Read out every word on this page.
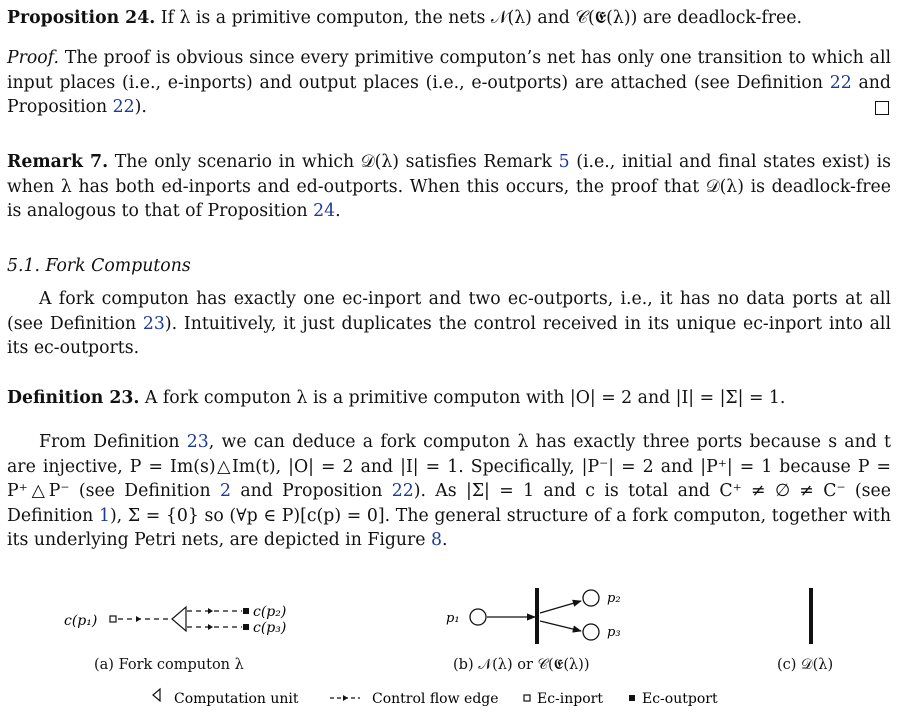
Proposition 24. If λ is a primitive computon, the nets 𝒩(λ) and 𝒞(𝕰(λ)) are deadlock-free.

Proof. The proof is obvious since every primitive computon’s net has only one transition to which all input places (i.e., e-inports) and output places (i.e., e-outports) are attached (see Definition 22 and Proposition 22).

Remark 7. The only scenario in which 𝒟(λ) satisfies Remark 5 (i.e., initial and final states exist) is when λ has both ed-inports and ed-outports. When this occurs, the proof that 𝒟(λ) is deadlock-free is analogous to that of Proposition 24.

5.1. Fork Computons

A fork computon has exactly one ec-inport and two ec-outports, i.e., it has no data ports at all (see Definition 23). Intuitively, it just duplicates the control received in its unique ec-inport into all its ec-outports.

Definition 23. A fork computon λ is a primitive computon with |O| = 2 and |I| = |Σ| = 1.

From Definition 23, we can deduce a fork computon λ has exactly three ports because s and t are injective, P = Im(s)△Im(t), |O| = 2 and |I| = 1. Specifically, |P⁻| = 2 and |P⁺| = 1 because P = P⁺△P⁻ (see Definition 2 and Proposition 22). As |Σ| = 1 and c is total and C⁺ ≠ ∅ ≠ C⁻ (see Definition 1), Σ = {0} so (∀p ∈ P)[c(p) = 0]. The general structure of a fork computon, together with its underlying Petri nets, are depicted in Figure 8.

c(p₁)
c(p₂)
c(p₃)
p₁
p₂
p₃
Computation unit	Control flow edge	Ec-inport	Ec-outport
(a) Fork computon λ	(b) 𝒩(λ) or 𝒞(𝕰(λ))	(c) 𝒟(λ)
